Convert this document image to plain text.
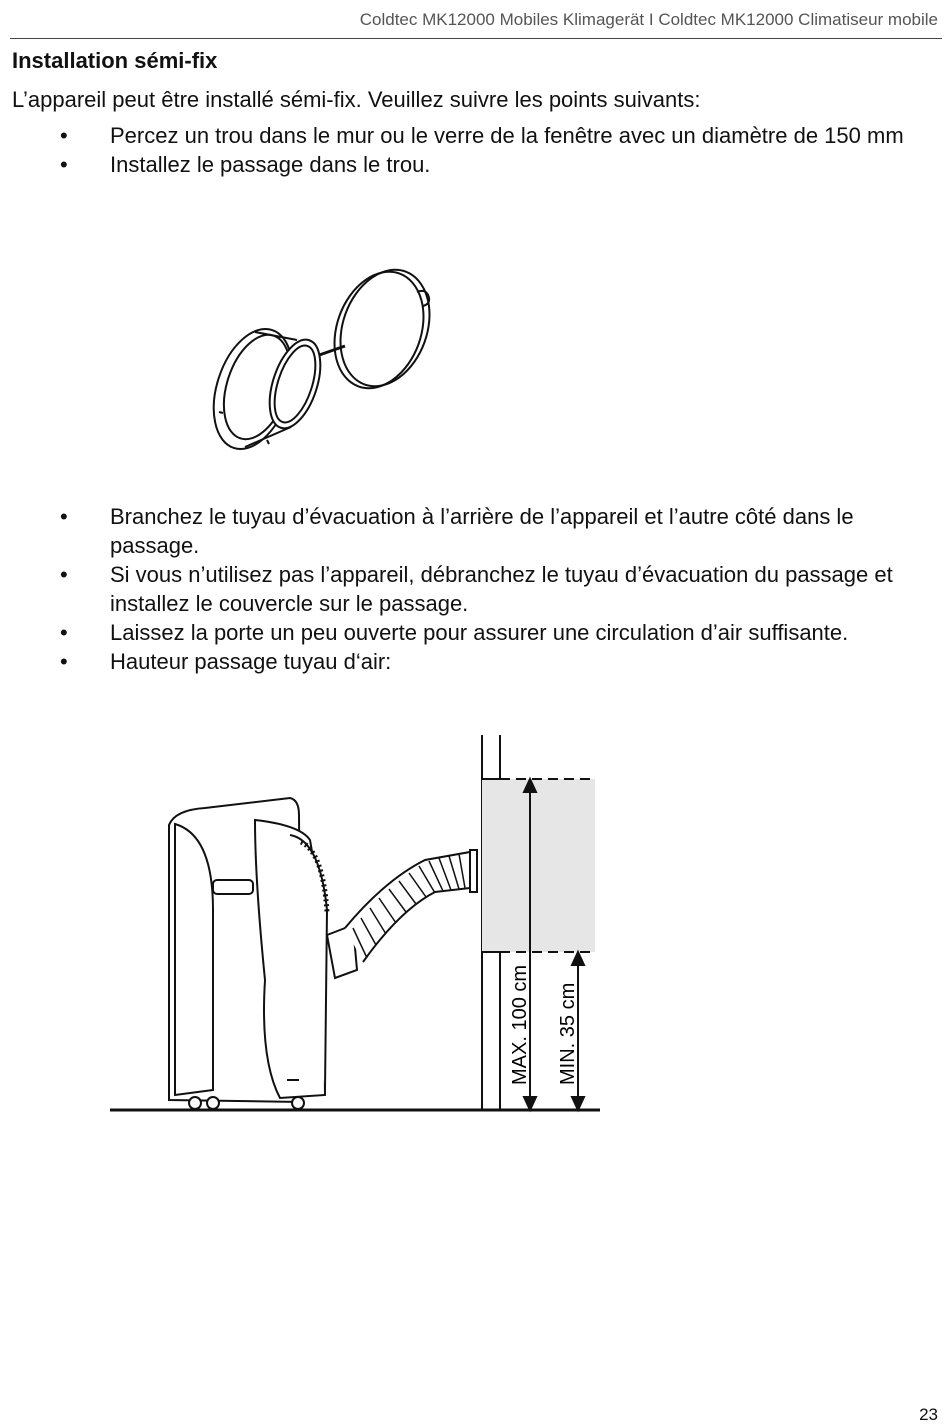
Coldtec MK12000 Mobiles Klimagerät I Coldtec MK12000 Climatiseur mobile
Installation sémi-fix
L’appareil peut être installé sémi-fix. Veuillez suivre les points suivants:
• Percez un trou dans le mur ou le verre de la fenêtre avec un diamètre de 150 mm
• Installez le passage dans le trou.
• Branchez le tuyau d’évacuation à l’arrière de l’appareil et l’autre côté dans le passage.
• Si vous n’utilisez pas l’appareil, débranchez le tuyau d’évacuation du passage et installez le couvercle sur le passage.
• Laissez la porte un peu ouverte pour assurer une circulation d’air suffisante.
• Hauteur passage tuyau d‘air:
MAX. 100 cm MIN. 35 cm
23
